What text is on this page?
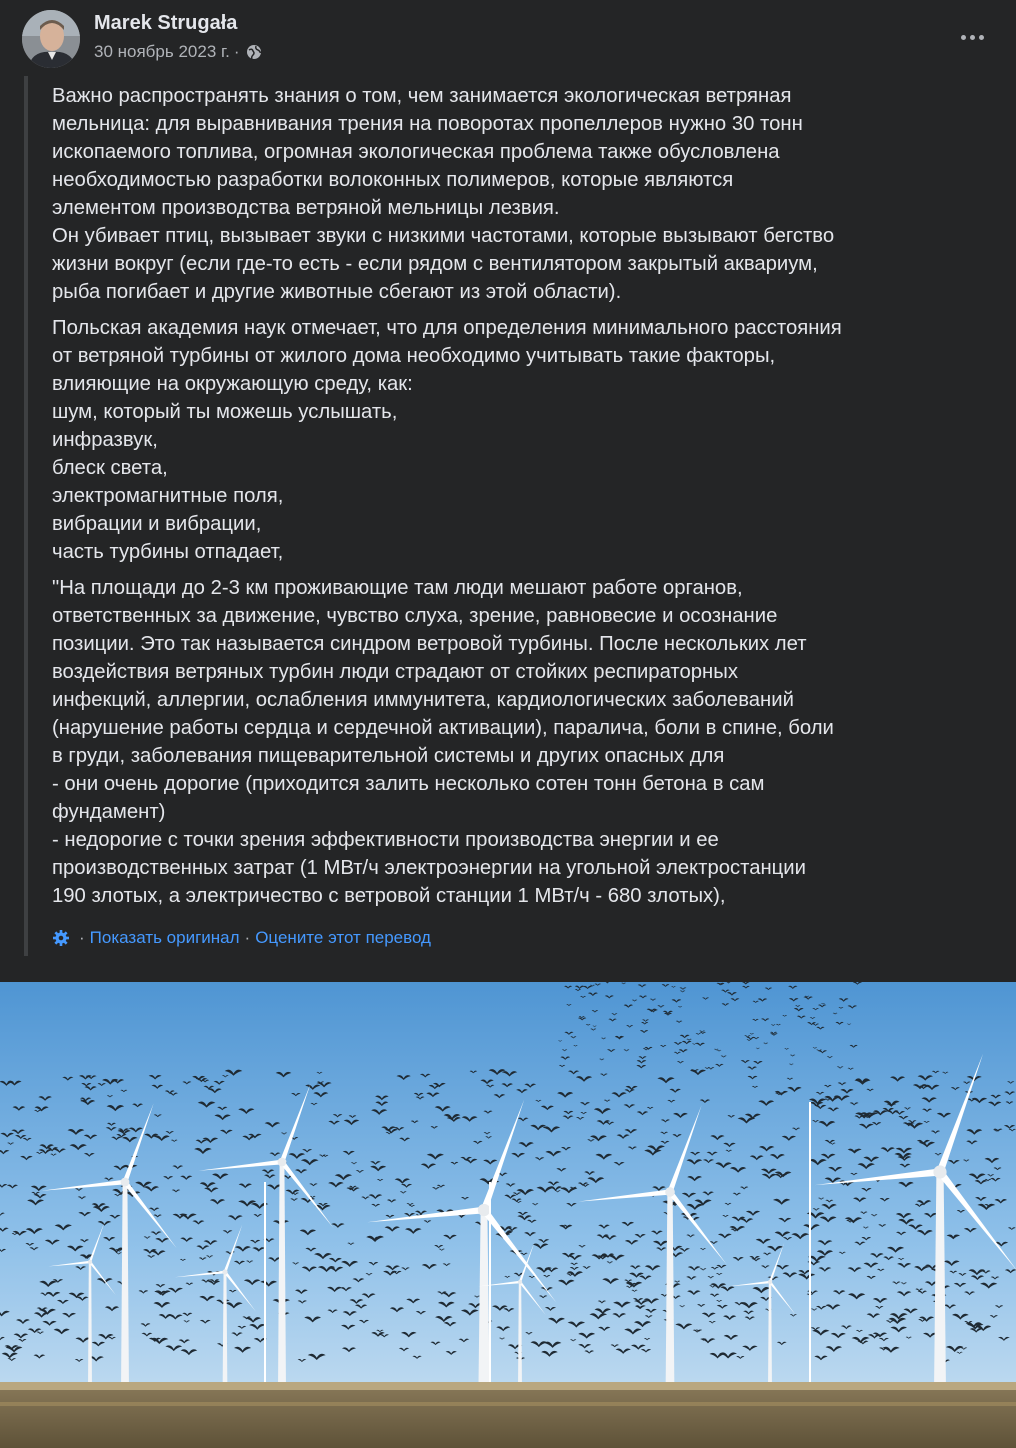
Marek Strugała
30 ноябрь 2023 г. ·

Важно распространять знания о том, чем занимается экологическая ветряная
мельница: для выравнивания трения на поворотах пропеллеров нужно 30 тонн
ископаемого топлива, огромная экологическая проблема также обусловлена
необходимостью разработки волоконных полимеров, которые являются
элементом производства ветряной мельницы лезвия.
Он убивает птиц, вызывает звуки с низкими частотами, которые вызывают бегство
жизни вокруг (если где-то есть - если рядом с вентилятором закрытый аквариум,
рыба погибает и другие животные сбегают из этой области).

Польская академия наук отмечает, что для определения минимального расстояния
от ветряной турбины от жилого дома необходимо учитывать такие факторы,
влияющие на окружающую среду, как:
шум, который ты можешь услышать,
инфразвук,
блеск света,
электромагнитные поля,
вибрации и вибрации,
часть турбины отпадает,

"На площади до 2-3 км проживающие там люди мешают работе органов,
ответственных за движение, чувство слуха, зрение, равновесие и осознание
позиции. Это так называется синдром ветровой турбины. После нескольких лет
воздействия ветряных турбин люди страдают от стойких респираторных
инфекций, аллергии, ослабления иммунитета, кардиологических заболеваний
(нарушение работы сердца и сердечной активации), паралича, боли в спине, боли
в груди, заболевания пищеварительной системы и других опасных для
- они очень дорогие (приходится залить несколько сотен тонн бетона в сам
фундамент)
- недорогие с точки зрения эффективности производства энергии и ее
производственных затрат (1 МВт/ч электроэнергии на угольной электростанции
190 злотых, а электричество с ветровой станции 1 МВт/ч - 680 злотых),

· Показать оригинал · Оцените этот перевод
